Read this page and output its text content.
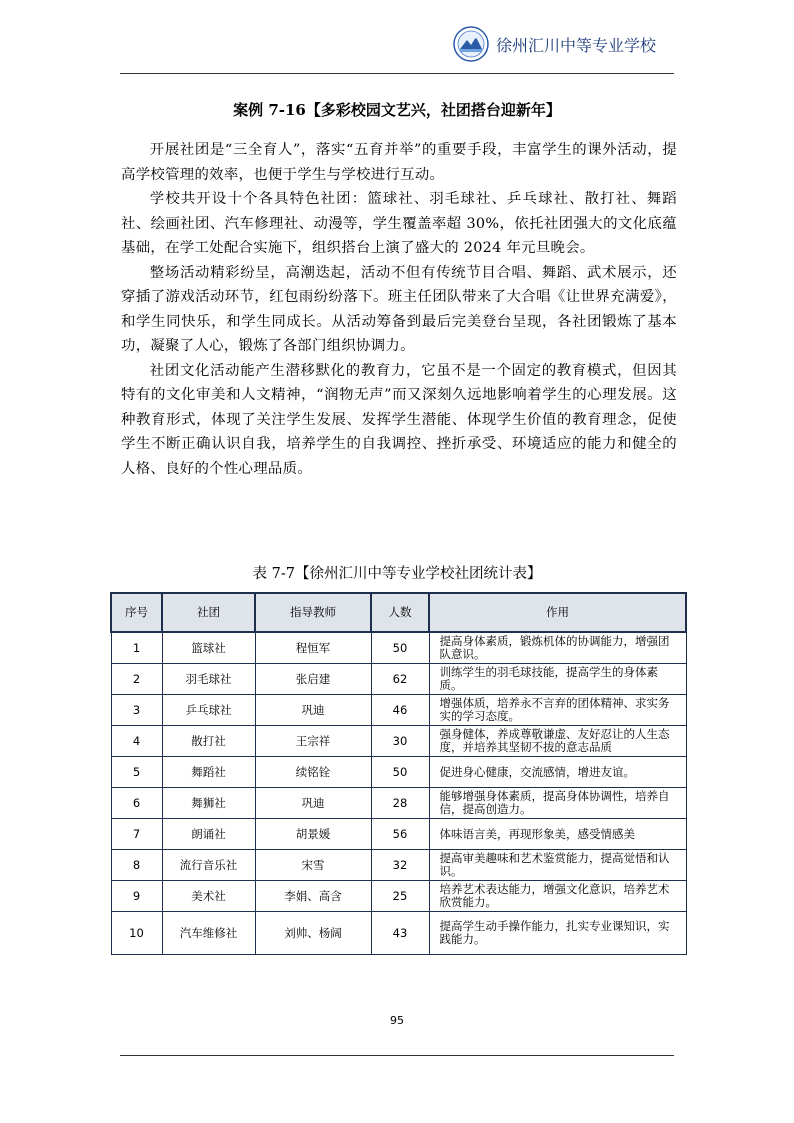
徐州汇川中等专业学校
案例 7-16【多彩校园文艺兴，社团搭台迎新年】

开展社团是“三全育人”，落实“五育并举”的重要手段，丰富学生的课外活动，提高学校管理的效率，也便于学生与学校进行互动。

学校共开设十个各具特色社团：篮球社、羽毛球社、乒乓球社、散打社、舞蹈社、绘画社团、汽车修理社、动漫等，学生覆盖率超 30%，依托社团强大的文化底蕴基础，在学工处配合实施下，组织搭台上演了盛大的 2024 年元旦晚会。

整场活动精彩纷呈，高潮迭起，活动不但有传统节目合唱、舞蹈、武术展示，还穿插了游戏活动环节，红包雨纷纷落下。班主任团队带来了大合唱《让世界充满爱》，和学生同快乐，和学生同成长。从活动筹备到最后完美登台呈现，各社团锻炼了基本功，凝聚了人心，锻炼了各部门组织协调力。

社团文化活动能产生潜移默化的教育力，它虽不是一个固定的教育模式，但因其特有的文化审美和人文精神，“润物无声”而又深刻久远地影响着学生的心理发展。这种教育形式，体现了关注学生发展、发挥学生潜能、体现学生价值的教育理念，促使学生不断正确认识自我，培养学生的自我调控、挫折承受、环境适应的能力和健全的人格、良好的个性心理品质。

表 7-7【徐州汇川中等专业学校社团统计表】
序号	社团	指导教师	人数	作用
1	篮球社	程恒军	50	提高身体素质，锻炼机体的协调能力，增强团队意识。
2	羽毛球社	张启建	62	训练学生的羽毛球技能，提高学生的身体素质。
3	乒乓球社	巩迪	46	增强体质，培养永不言弃的团体精神、求实务实的学习态度。
4	散打社	王宗祥	30	强身健体，养成尊敬谦虚、友好忍让的人生态度，并培养其坚韧不拔的意志品质
5	舞蹈社	续铭铨	50	促进身心健康，交流感情，增进友谊。
6	舞狮社	巩迪	28	能够增强身体素质，提高身体协调性，培养自信，提高创造力。
7	朗诵社	胡景媛	56	体味语言美，再现形象美，感受情感美
8	流行音乐社	宋雪	32	提高审美趣味和艺术鉴赏能力，提高觉悟和认识。
9	美术社	李娟、高含	25	培养艺术表达能力，增强文化意识，培养艺术欣赏能力。
10	汽车维修社	刘帅、杨阔	43	提高学生动手操作能力，扎实专业课知识，实践能力。
95
